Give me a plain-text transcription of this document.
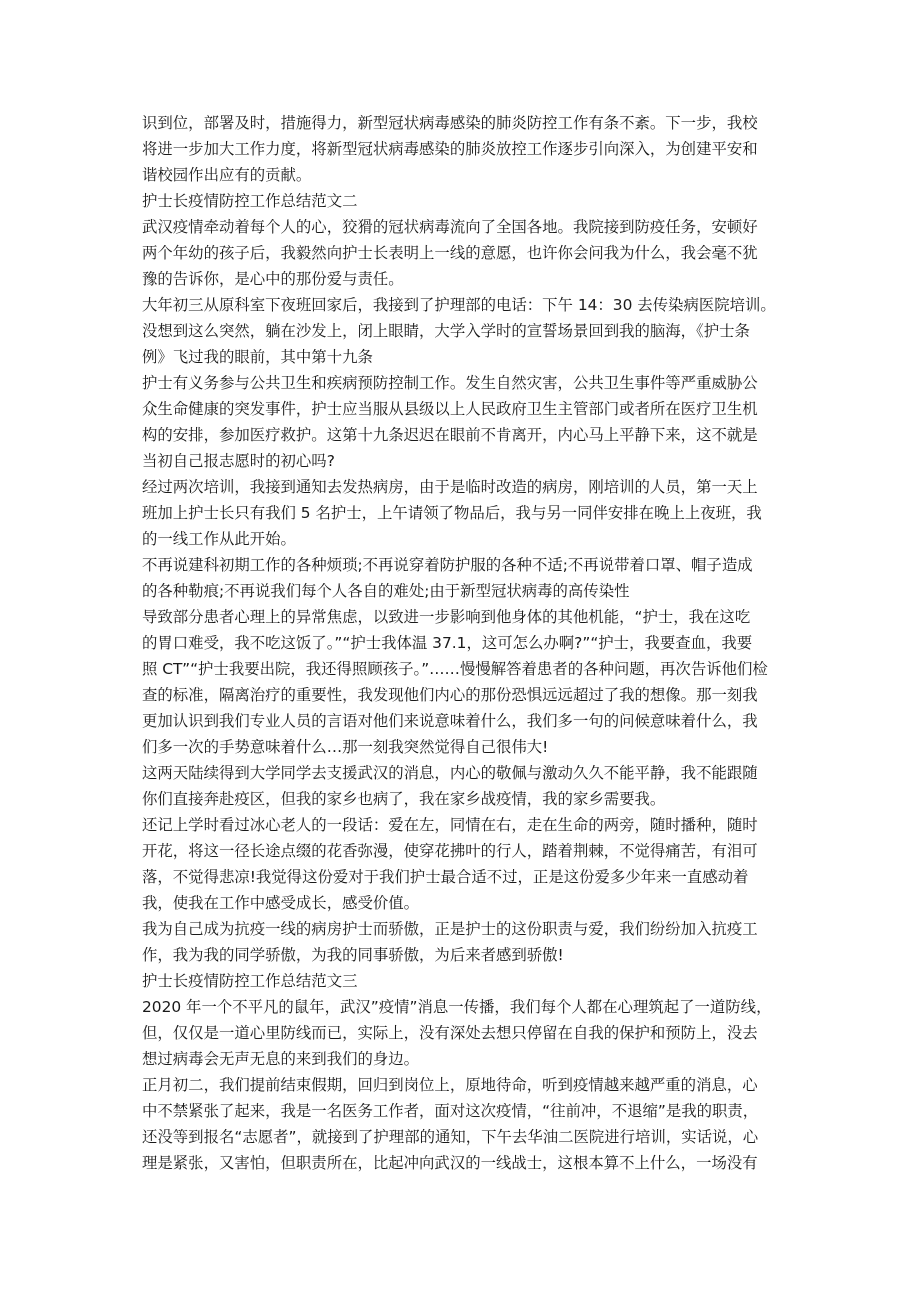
识到位，部署及时，措施得力，新型冠状病毒感染的肺炎防控工作有条不紊。下一步，我校
将进一步加大工作力度，将新型冠状病毒感染的肺炎放控工作逐步引向深入，为创建平安和
谐校园作出应有的贡献。
护士长疫情防控工作总结范文二
武汉疫情牵动着每个人的心，狡猾的冠状病毒流向了全国各地。我院接到防疫任务，安顿好
两个年幼的孩子后，我毅然向护士长表明上一线的意愿，也许你会问我为什么，我会毫不犹
豫的告诉你，是心中的那份爱与责任。
大年初三从原科室下夜班回家后，我接到了护理部的电话：下午 14：30 去传染病医院培训。
没想到这么突然，躺在沙发上，闭上眼睛，大学入学时的宣誓场景回到我的脑海，《护士条
例》飞过我的眼前，其中第十九条
护士有义务参与公共卫生和疾病预防控制工作。发生自然灾害，公共卫生事件等严重威胁公
众生命健康的突发事件，护士应当服从县级以上人民政府卫生主管部门或者所在医疗卫生机
构的安排，参加医疗救护。这第十九条迟迟在眼前不肯离开，内心马上平静下来，这不就是
当初自己报志愿时的初心吗?
经过两次培训，我接到通知去发热病房，由于是临时改造的病房，刚培训的人员，第一天上
班加上护士长只有我们 5 名护士，上午请领了物品后，我与另一同伴安排在晚上上夜班，我
的一线工作从此开始。
不再说建科初期工作的各种烦琐;不再说穿着防护服的各种不适;不再说带着口罩、帽子造成
的各种勒痕;不再说我们每个人各自的难处;由于新型冠状病毒的高传染性
导致部分患者心理上的异常焦虑，以致进一步影响到他身体的其他机能，“护士，我在这吃
的胃口难受，我不吃这饭了。”“护士我体温 37.1，这可怎么办啊?”“护士，我要查血，我要
照 CT”“护士我要出院，我还得照顾孩子。”……慢慢解答着患者的各种问题，再次告诉他们检
查的标准，隔离治疗的重要性，我发现他们内心的那份恐惧远远超过了我的想像。那一刻我
更加认识到我们专业人员的言语对他们来说意味着什么，我们多一句的问候意味着什么，我
们多一次的手势意味着什么…那一刻我突然觉得自己很伟大!
这两天陆续得到大学同学去支援武汉的消息，内心的敬佩与激动久久不能平静，我不能跟随
你们直接奔赴疫区，但我的家乡也病了，我在家乡战疫情，我的家乡需要我。
还记上学时看过冰心老人的一段话：爱在左，同情在右，走在生命的两旁，随时播种，随时
开花，将这一径长途点缀的花香弥漫，使穿花拂叶的行人，踏着荆棘，不觉得痛苦，有泪可
落，不觉得悲凉!我觉得这份爱对于我们护士最合适不过，正是这份爱多少年来一直感动着
我，使我在工作中感受成长，感受价值。
我为自己成为抗疫一线的病房护士而骄傲，正是护士的这份职责与爱，我们纷纷加入抗疫工
作，我为我的同学骄傲，为我的同事骄傲，为后来者感到骄傲!
护士长疫情防控工作总结范文三
2020 年一个不平凡的鼠年，武汉”疫情”消息一传播，我们每个人都在心理筑起了一道防线，
但，仅仅是一道心里防线而已，实际上，没有深处去想只停留在自我的保护和预防上，没去
想过病毒会无声无息的来到我们的身边。
正月初二，我们提前结束假期，回归到岗位上，原地待命，听到疫情越来越严重的消息，心
中不禁紧张了起来，我是一名医务工作者，面对这次疫情，“往前冲，不退缩”是我的职责，
还没等到报名“志愿者”，就接到了护理部的通知，下午去华油二医院进行培训，实话说，心
理是紧张，又害怕，但职责所在，比起冲向武汉的一线战士，这根本算不上什么，一场没有
